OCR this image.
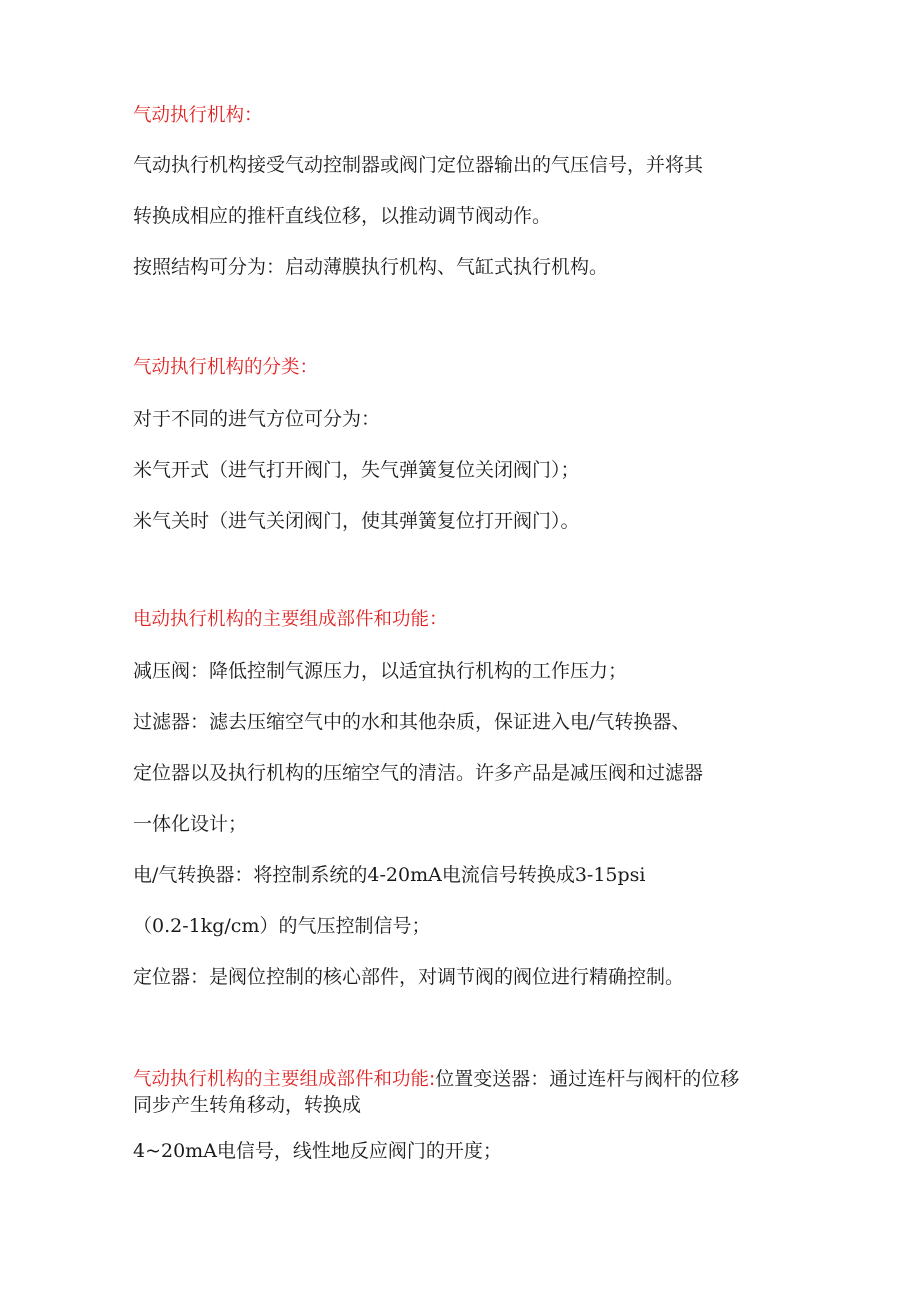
气动执行机构：

气动执行机构接受气动控制器或阀门定位器输出的气压信号，并将其

转换成相应的推杆直线位移，以推动调节阀动作。

按照结构可分为：启动薄膜执行机构、气缸式执行机构。

气动执行机构的分类：

对于不同的进气方位可分为：

米气开式（进气打开阀门，失气弹簧复位关闭阀门）；

米气关时（进气关闭阀门，使其弹簧复位打开阀门）。

电动执行机构的主要组成部件和功能：

减压阀：降低控制气源压力，以适宜执行机构的工作压力；

过滤器：滤去压缩空气中的水和其他杂质，保证进入电/气转换器、

定位器以及执行机构的压缩空气的清洁。许多产品是减压阀和过滤器

一体化设计；

电/气转换器：将控制系统的4-20mA电流信号转换成3-15psi

（0.2-1kg/cm）的气压控制信号；

定位器：是阀位控制的核心部件，对调节阀的阀位进行精确控制。

气动执行机构的主要组成部件和功能:位置变送器：通过连杆与阀杆的位移

同步产生转角移动，转换成

4~20mA电信号，线性地反应阀门的开度；
